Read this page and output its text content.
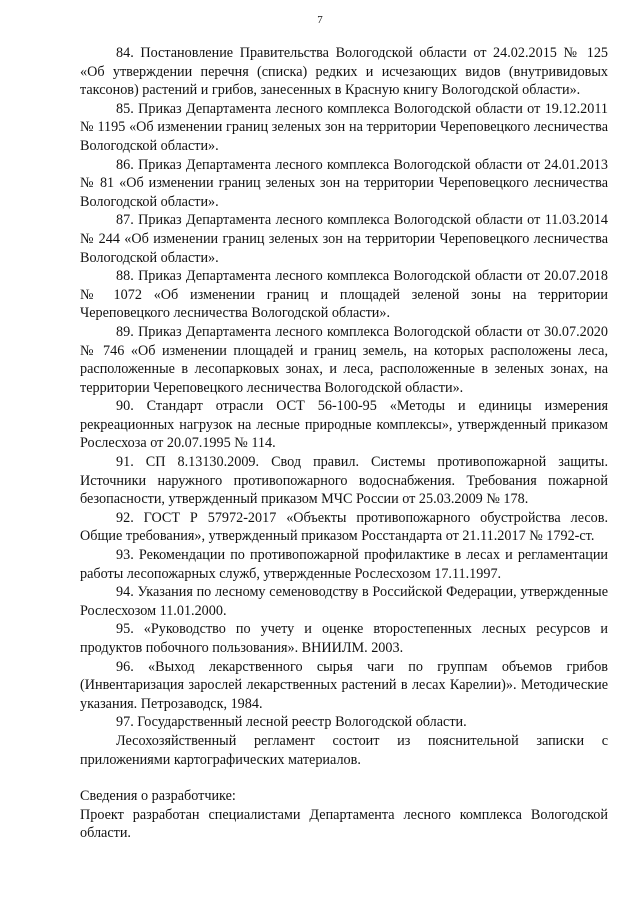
7

84. Постановление Правительства Вологодской области от 24.02.2015 № 125 «Об утверждении перечня (списка) редких и исчезающих видов (внутривидовых таксонов) растений и грибов, занесенных в Красную книгу Вологодской области».

85. Приказ Департамента лесного комплекса Вологодской области от 19.12.2011 № 1195 «Об изменении границ зеленых зон на территории Череповецкого лесничества Вологодской области».

86. Приказ Департамента лесного комплекса Вологодской области от 24.01.2013 № 81 «Об изменении границ зеленых зон на территории Череповецкого лесничества Вологодской области».

87. Приказ Департамента лесного комплекса Вологодской области от 11.03.2014 № 244 «Об изменении границ зеленых зон на территории Череповецкого лесничества Вологодской области».

88. Приказ Департамента лесного комплекса Вологодской области от 20.07.2018 № 1072 «Об изменении границ и площадей зеленой зоны на территории Череповецкого лесничества Вологодской области».

89. Приказ Департамента лесного комплекса Вологодской области от 30.07.2020 № 746 «Об изменении площадей и границ земель, на которых расположены леса, расположенные в лесопарковых зонах, и леса, расположенные в зеленых зонах, на территории Череповецкого лесничества Вологодской области».

90. Стандарт отрасли ОСТ 56-100-95 «Методы и единицы измерения рекреационных нагрузок на лесные природные комплексы», утвержденный приказом Рослесхоза от 20.07.1995 № 114.

91. СП 8.13130.2009. Свод правил. Системы противопожарной защиты. Источники наружного противопожарного водоснабжения. Требования пожарной безопасности, утвержденный приказом МЧС России от 25.03.2009 № 178.

92. ГОСТ Р 57972-2017 «Объекты противопожарного обустройства лесов. Общие требования», утвержденный приказом Росстандарта от 21.11.2017 № 1792-ст.

93. Рекомендации по противопожарной профилактике в лесах и регламентации работы лесопожарных служб, утвержденные Рослесхозом 17.11.1997.

94. Указания по лесному семеноводству в Российской Федерации, утвержденные Рослесхозом 11.01.2000.

95. «Руководство по учету и оценке второстепенных лесных ресурсов и продуктов побочного пользования». ВНИИЛМ. 2003.

96. «Выход лекарственного сырья чаги по группам объемов грибов (Инвентаризация зарослей лекарственных растений в лесах Карелии)». Методические указания. Петрозаводск, 1984.

97. Государственный лесной реестр Вологодской области.

Лесохозяйственный регламент состоит из пояснительной записки с приложениями картографических материалов.

Сведения о разработчике:

Проект разработан специалистами Департамента лесного комплекса Вологодской области.
